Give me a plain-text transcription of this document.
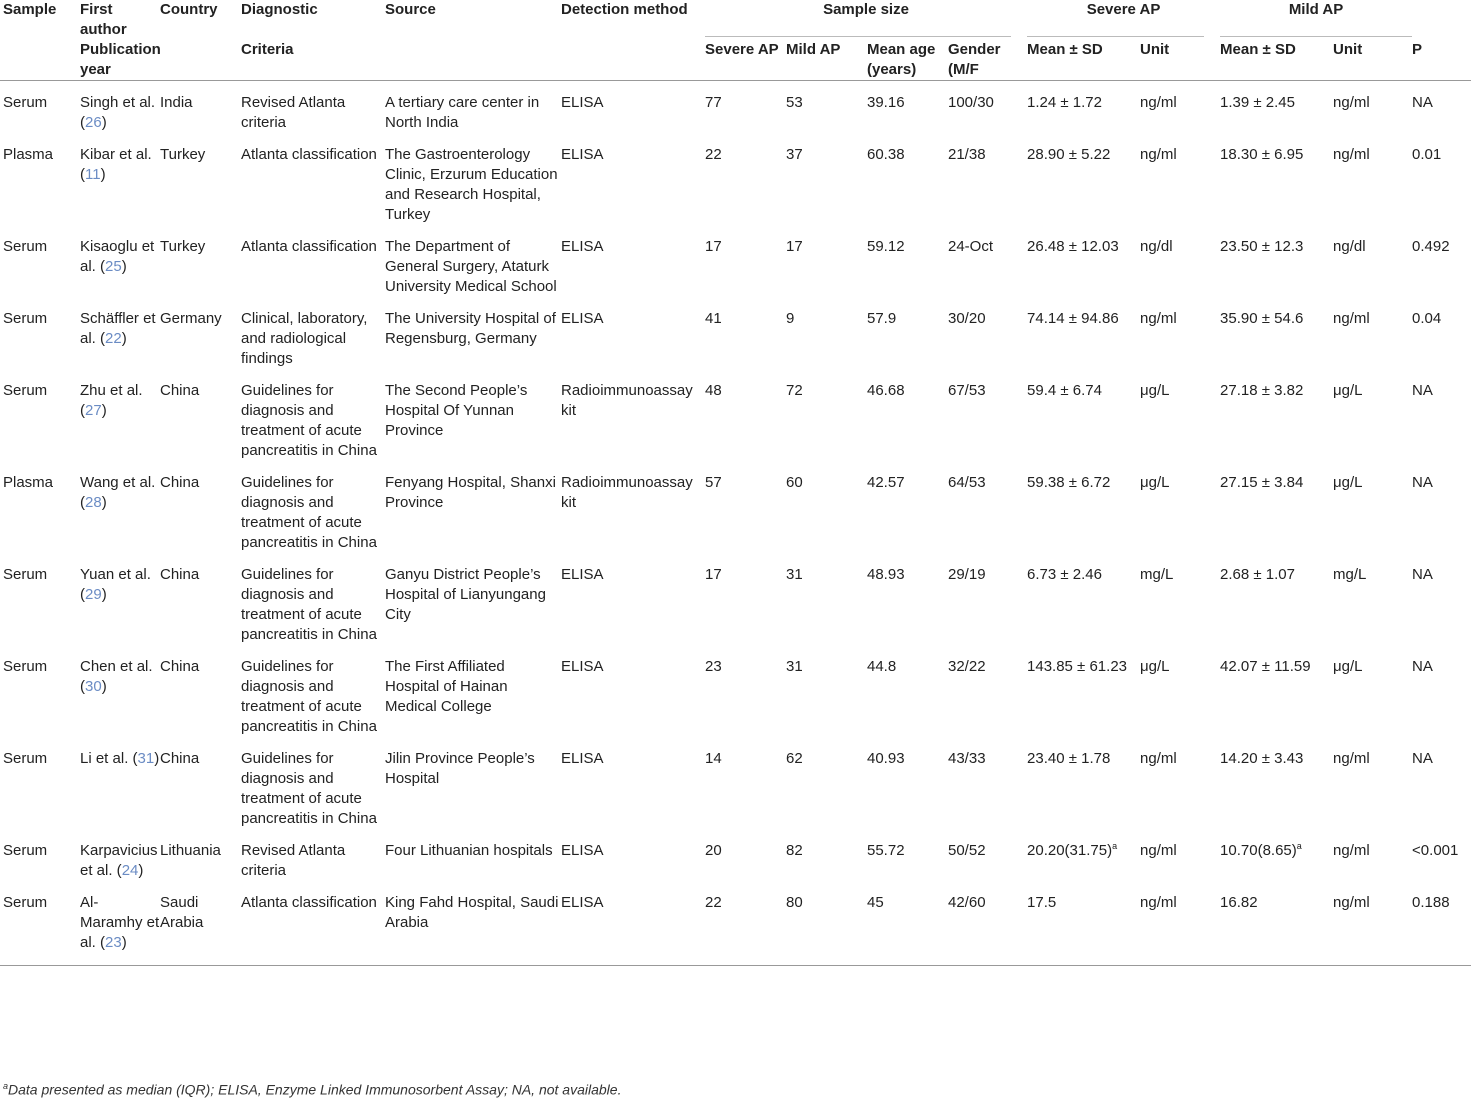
Sample	First author	Country	Diagnostic	Source	Detection method	Sample size				Severe AP		Mild AP		

	Publication year		Criteria			Severe AP	Mild AP	Mean age (years)	Gender (M/F	Mean ± SD	Unit	Mean ± SD	Unit	P
Serum	Singh et al. (26)	India	Revised Atlanta criteria	A tertiary care center in North India	ELISA	77	53	39.16	100/30	1.24 ± 1.72	ng/ml	1.39 ± 2.45	ng/ml	NA
Plasma	Kibar et al. (11)	Turkey	Atlanta classification	The Gastroenterology Clinic, Erzurum Education and Research Hospital, Turkey	ELISA	22	37	60.38	21/38	28.90 ± 5.22	ng/ml	18.30 ± 6.95	ng/ml	0.01
Serum	Kisaoglu et al. (25)	Turkey	Atlanta classification	The Department of General Surgery, Ataturk University Medical School	ELISA	17	17	59.12	24-Oct	26.48 ± 12.03	ng/dl	23.50 ± 12.3	ng/dl	0.492
Serum	Schäffler et al. (22)	Germany	Clinical, laboratory, and radiological findings	The University Hospital of Regensburg, Germany	ELISA	41	9	57.9	30/20	74.14 ± 94.86	ng/ml	35.90 ± 54.6	ng/ml	0.04
Serum	Zhu et al. (27)	China	Guidelines for diagnosis and treatment of acute pancreatitis in China	The Second People’s Hospital Of Yunnan Province	Radioimmunoassay kit	48	72	46.68	67/53	59.4 ± 6.74	μg/L	27.18 ± 3.82	μg/L	NA
Plasma	Wang et al. (28)	China	Guidelines for diagnosis and treatment of acute pancreatitis in China	Fenyang Hospital, Shanxi Province	Radioimmunoassay kit	57	60	42.57	64/53	59.38 ± 6.72	μg/L	27.15 ± 3.84	μg/L	NA
Serum	Yuan et al. (29)	China	Guidelines for diagnosis and treatment of acute pancreatitis in China	Ganyu District People’s Hospital of Lianyungang City	ELISA	17	31	48.93	29/19	6.73 ± 2.46	mg/L	2.68 ± 1.07	mg/L	NA
Serum	Chen et al. (30)	China	Guidelines for diagnosis and treatment of acute pancreatitis in China	The First Affiliated Hospital of Hainan Medical College	ELISA	23	31	44.8	32/22	143.85 ± 61.23	μg/L	42.07 ± 11.59	μg/L	NA
Serum	Li et al. (31)	China	Guidelines for diagnosis and treatment of acute pancreatitis in China	Jilin Province People’s Hospital	ELISA	14	62	40.93	43/33	23.40 ± 1.78	ng/ml	14.20 ± 3.43	ng/ml	NA
Serum	Karpavicius et al. (24)	Lithuania	Revised Atlanta criteria	Four Lithuanian hospitals	ELISA	20	82	55.72	50/52	$20.20(31.75)^a$	ng/ml	$10.70(8.65)^a$	ng/ml	<0.001
Serum	Al-Maramhy et al. (23)	Saudi Arabia	Atlanta classification	King Fahd Hospital, Saudi Arabia	ELISA	22	80	45	42/60	17.5	ng/ml	16.82	ng/ml	0.188
$^a$Data presented as median (IQR); ELISA, Enzyme Linked Immunosorbent Assay; NA, not available.
